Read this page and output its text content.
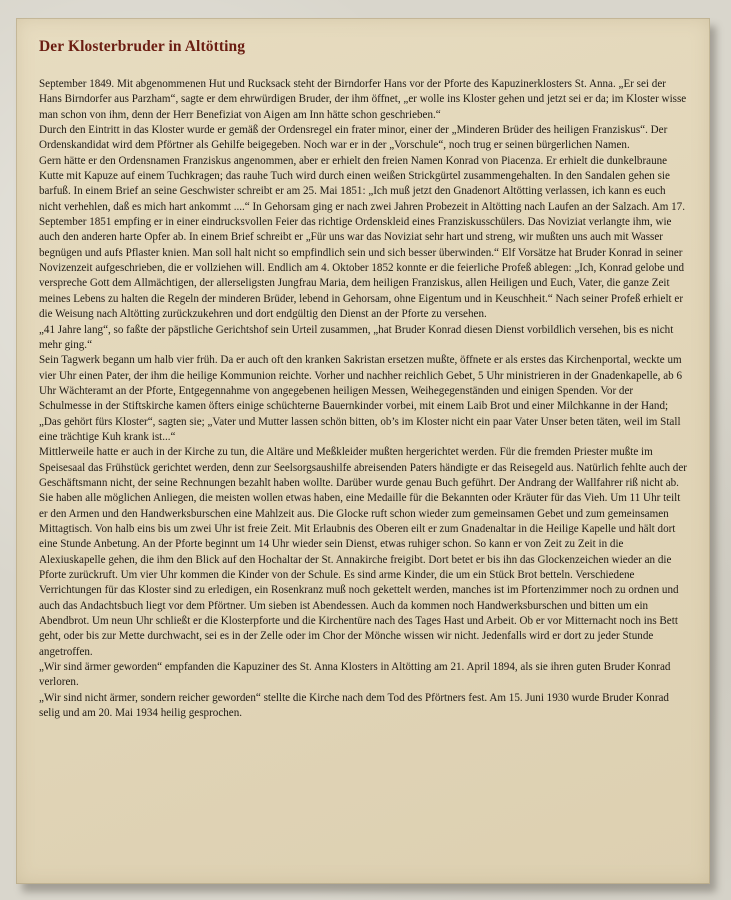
Der Klosterbruder in Altötting

September 1849. Mit abgenommenen Hut und Rucksack steht der Birndorfer Hans vor der Pforte des Kapuzinerklosters St. Anna. „Er sei der Hans Birndorfer aus Parzham“, sagte er dem ehrwürdigen Bruder, der ihm öffnet, „er wolle ins Kloster gehen und jetzt sei er da; im Kloster wisse man schon von ihm, denn der Herr Benefiziat von Aigen am Inn hätte schon geschrieben.“

Durch den Eintritt in das Kloster wurde er gemäß der Ordensregel ein frater minor, einer der „Minderen Brüder des heiligen Franziskus“. Der Ordenskandidat wird dem Pförtner als Gehilfe beigegeben. Noch war er in der „Vorschule“, noch trug er seinen bürgerlichen Namen.

Gern hätte er den Ordensnamen Franziskus angenommen, aber er erhielt den freien Namen Konrad von Piacenza. Er erhielt die dunkelbraune Kutte mit Kapuze auf einem Tuchkragen; das rauhe Tuch wird durch einen weißen Strickgürtel zusammengehalten. In den Sandalen gehen sie barfuß. In einem Brief an seine Geschwister schreibt er am 25. Mai 1851: „Ich muß jetzt den Gnadenort Altötting verlassen, ich kann es euch nicht verhehlen, daß es mich hart ankommt ....“ In Gehorsam ging er nach zwei Jahren Probezeit in Altötting nach Laufen an der Salzach. Am 17. September 1851 empfing er in einer eindrucksvollen Feier das richtige Ordenskleid eines Franziskusschülers. Das Noviziat verlangte ihm, wie auch den anderen harte Opfer ab. In einem Brief schreibt er „Für uns war das Noviziat sehr hart und streng, wir mußten uns auch mit Wasser begnügen und aufs Pflaster knien. Man soll halt nicht so empfindlich sein und sich besser überwinden.“ Elf Vorsätze hat Bruder Konrad in seiner Novizenzeit aufgeschrieben, die er vollziehen will. Endlich am 4. Oktober 1852 konnte er die feierliche Profeß ablegen: „Ich, Konrad gelobe und verspreche Gott dem Allmächtigen, der allerseligsten Jungfrau Maria, dem heiligen Franziskus, allen Heiligen und Euch, Vater, die ganze Zeit meines Lebens zu halten die Regeln der minderen Brüder, lebend in Gehorsam, ohne Eigentum und in Keuschheit.“ Nach seiner Profeß erhielt er die Weisung nach Altötting zurückzukehren und dort endgültig den Dienst an der Pforte zu versehen.

„41 Jahre lang“, so faßte der päpstliche Gerichtshof sein Urteil zusammen, „hat Bruder Konrad diesen Dienst vorbildlich versehen, bis es nicht mehr ging.“

Sein Tagwerk begann um halb vier früh. Da er auch oft den kranken Sakristan ersetzen mußte, öffnete er als erstes das Kirchenportal, weckte um vier Uhr einen Pater, der ihm die heilige Kommunion reichte. Vorher und nachher reichlich Gebet, 5 Uhr ministrieren in der Gnadenkapelle, ab 6 Uhr Wächteramt an der Pforte, Entgegennahme von angegebenen heiligen Messen, Weihegegenständen und einigen Spenden. Vor der Schulmesse in der Stiftskirche kamen öfters einige schüchterne Bauernkinder vorbei, mit einem Laib Brot und einer Milchkanne in der Hand; „Das gehört fürs Kloster“, sagten sie; „Vater und Mutter lassen schön bitten, ob’s im Kloster nicht ein paar Vater Unser beten täten, weil im Stall eine trächtige Kuh krank ist...“

Mittlerweile hatte er auch in der Kirche zu tun, die Altäre und Meßkleider mußten hergerichtet werden. Für die fremden Priester mußte im Speisesaal das Frühstück gerichtet werden, denn zur Seelsorgsaushilfe abreisenden Paters händigte er das Reisegeld aus. Natürlich fehlte auch der Geschäftsmann nicht, der seine Rechnungen bezahlt haben wollte. Darüber wurde genau Buch geführt. Der Andrang der Wallfahrer riß nicht ab. Sie haben alle möglichen Anliegen, die meisten wollen etwas haben, eine Medaille für die Bekannten oder Kräuter für das Vieh. Um 11 Uhr teilt er den Armen und den Handwerksburschen eine Mahlzeit aus. Die Glocke ruft schon wieder zum gemeinsamen Gebet und zum gemeinsamen Mittagtisch. Von halb eins bis um zwei Uhr ist freie Zeit. Mit Erlaubnis des Oberen eilt er zum Gnadenaltar in die Heilige Kapelle und hält dort eine Stunde Anbetung. An der Pforte beginnt um 14 Uhr wieder sein Dienst, etwas ruhiger schon. So kann er von Zeit zu Zeit in die Alexiuskapelle gehen, die ihm den Blick auf den Hochaltar der St. Annakirche freigibt. Dort betet er bis ihn das Glockenzeichen wieder an die Pforte zurückruft. Um vier Uhr kommen die Kinder von der Schule. Es sind arme Kinder, die um ein Stück Brot betteln. Verschiedene Verrichtungen für das Kloster sind zu erledigen, ein Rosenkranz muß noch gekettelt werden, manches ist im Pfortenzimmer noch zu ordnen und auch das Andachtsbuch liegt vor dem Pförtner. Um sieben ist Abendessen. Auch da kommen noch Handwerksburschen und bitten um ein Abendbrot. Um neun Uhr schließt er die Klosterpforte und die Kirchentüre nach des Tages Hast und Arbeit. Ob er vor Mitternacht noch ins Bett geht, oder bis zur Mette durchwacht, sei es in der Zelle oder im Chor der Mönche wissen wir nicht. Jedenfalls wird er dort zu jeder Stunde angetroffen.

„Wir sind ärmer geworden“ empfanden die Kapuziner des St. Anna Klosters in Altötting am 21. April 1894, als sie ihren guten Bruder Konrad verloren.

„Wir sind nicht ärmer, sondern reicher geworden“ stellte die Kirche nach dem Tod des Pförtners fest. Am 15. Juni 1930 wurde Bruder Konrad selig und am 20. Mai 1934 heilig gesprochen.
